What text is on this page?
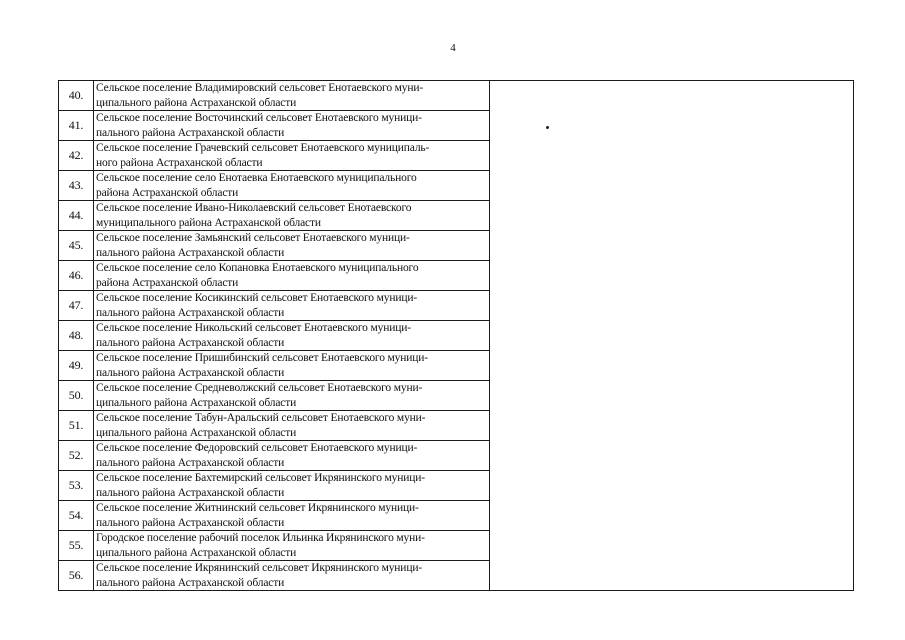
4
40.	Сельское поселение Владимировский сельсовет Енотаевского муни-
ципального района Астраханской области	

41.	Сельское поселение Восточинский сельсовет Енотаевского муници-
пального района Астраханской области	

42.	Сельское поселение Грачевский сельсовет Енотаевского муниципаль-
ного района Астраханской области	

43.	Сельское поселение село Енотаевка Енотаевского муниципального
района Астраханской области	

44.	Сельское поселение Ивано-Николаевский сельсовет Енотаевского
муниципального района Астраханской области	

45.	Сельское поселение Замьянский сельсовет Енотаевского муници-
пального района Астраханской области	

46.	Сельское поселение село Копановка Енотаевского муниципального
района Астраханской области	

47.	Сельское поселение Косикинский сельсовет Енотаевского муници-
пального района Астраханской области	

48.	Сельское поселение Никольский сельсовет Енотаевского муници-
пального района Астраханской области	

49.	Сельское поселение Пришибинский сельсовет Енотаевского муници-
пального района Астраханской области	

50.	Сельское поселение Средневолжский сельсовет Енотаевского муни-
ципального района Астраханской области	

51.	Сельское поселение Табун-Аральский сельсовет Енотаевского муни-
ципального района Астраханской области	

52.	Сельское поселение Федоровский сельсовет Енотаевского муници-
пального района Астраханской области	

53.	Сельское поселение Бахтемирский сельсовет Икрянинского муници-
пального района Астраханской области	

54.	Сельское поселение Житнинский сельсовет Икрянинского муници-
пального района Астраханской области	

55.	Городское поселение рабочий поселок Ильинка Икрянинского муни-
ципального района Астраханской области	

56.	Сельское поселение Икрянинский сельсовет Икрянинского муници-
пального района Астраханской области	
